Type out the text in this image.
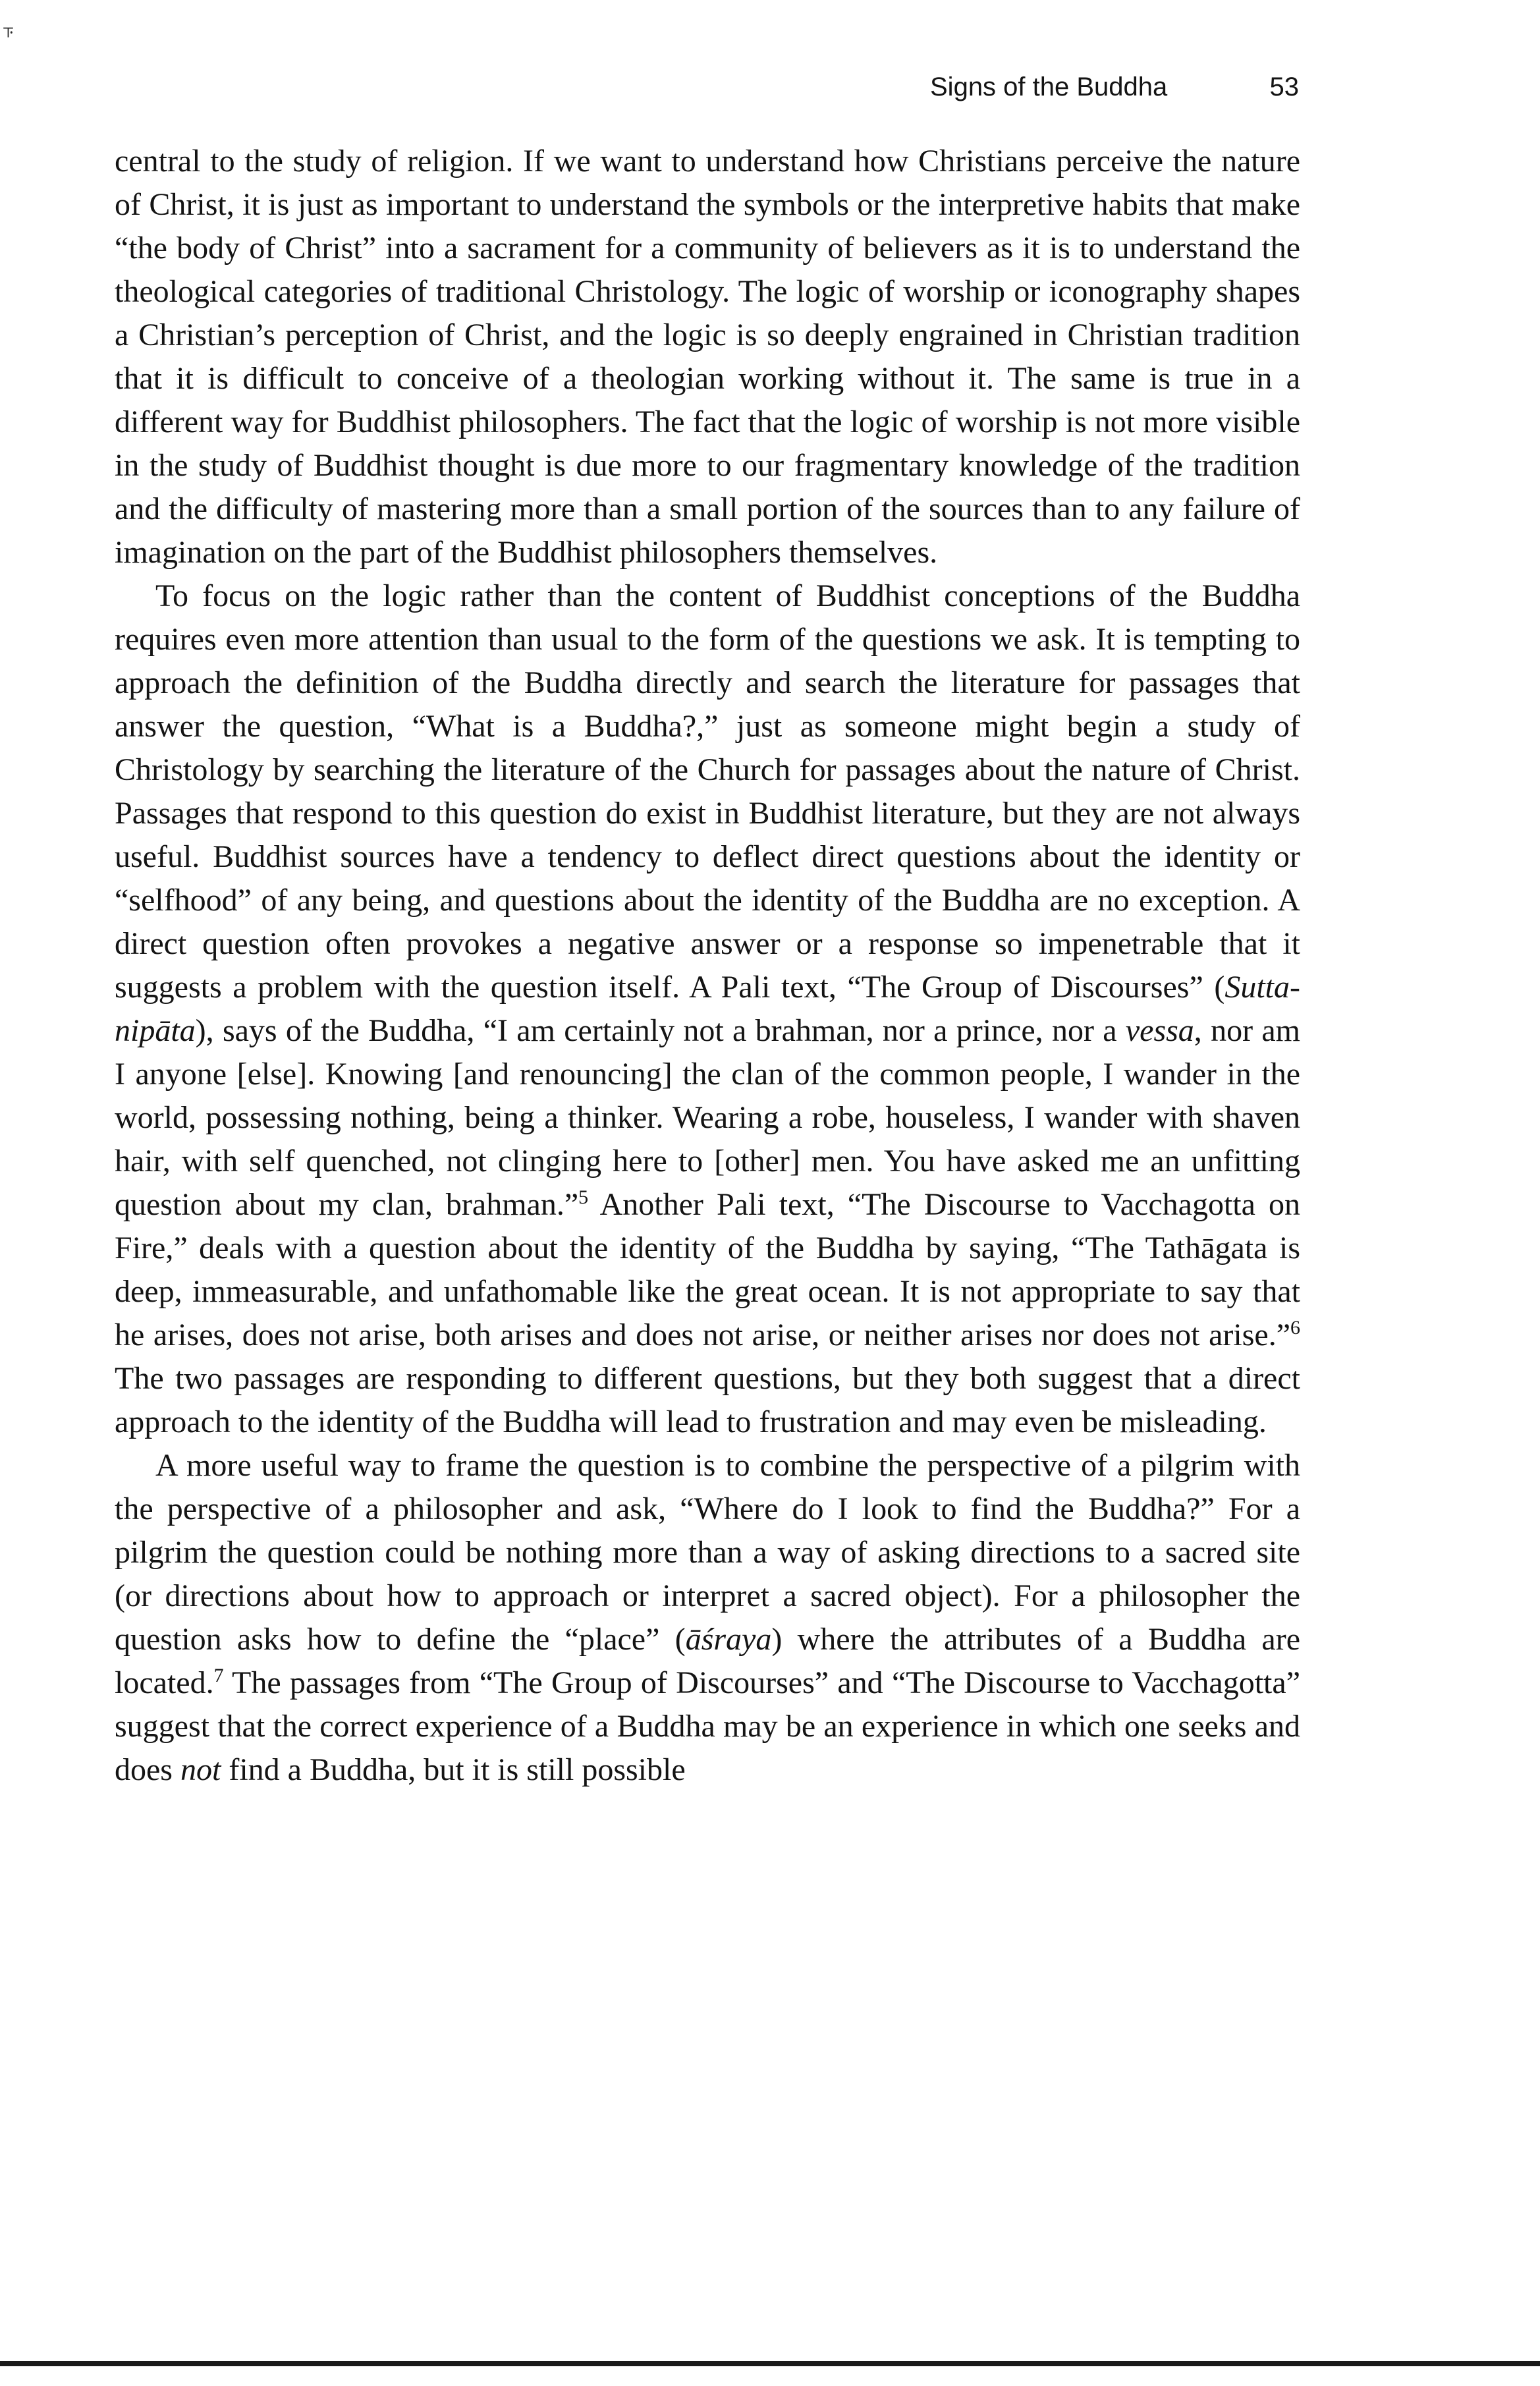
Signs of the Buddha	53

central to the study of religion. If we want to understand how Christians perceive the nature of Christ, it is just as important to understand the symbols or the interpretive habits that make “the body of Christ” into a sacrament for a community of believers as it is to understand the theological categories of traditional Christology. The logic of worship or iconography shapes a Christian’s perception of Christ, and the logic is so deeply engrained in Christian tradition that it is difficult to conceive of a theologian working without it. The same is true in a different way for Buddhist philosophers. The fact that the logic of worship is not more visible in the study of Buddhist thought is due more to our fragmentary knowledge of the tradition and the difficulty of mastering more than a small portion of the sources than to any failure of imagination on the part of the Buddhist philosophers themselves.

To focus on the logic rather than the content of Buddhist conceptions of the Buddha requires even more attention than usual to the form of the questions we ask. It is tempting to approach the definition of the Buddha directly and search the literature for passages that answer the question, “What is a Buddha?,” just as someone might begin a study of Christology by searching the literature of the Church for passages about the nature of Christ. Passages that respond to this question do exist in Buddhist literature, but they are not always useful. Buddhist sources have a tendency to deflect direct questions about the identity or “selfhood” of any being, and questions about the identity of the Buddha are no exception. A direct question often provokes a negative answer or a response so impenetrable that it suggests a problem with the question itself. A Pali text, “The Group of Discourses” (Sutta-nipāta), says of the Buddha, “I am certainly not a brahman, nor a prince, nor a vessa, nor am I anyone [else]. Knowing [and renouncing] the clan of the common people, I wander in the world, possessing nothing, being a thinker. Wearing a robe, houseless, I wander with shaven hair, with self quenched, not clinging here to [other] men. You have asked me an unfitting question about my clan, brahman.”$^5$ Another Pali text, “The Discourse to Vacchagotta on Fire,” deals with a question about the identity of the Buddha by saying, “The Tathāgata is deep, immeasurable, and unfathomable like the great ocean. It is not appropriate to say that he arises, does not arise, both arises and does not arise, or neither arises nor does not arise.”$^6$ The two passages are responding to different questions, but they both suggest that a direct approach to the identity of the Buddha will lead to frustration and may even be misleading.

A more useful way to frame the question is to combine the perspective of a pilgrim with the perspective of a philosopher and ask, “Where do I look to find the Buddha?” For a pilgrim the question could be nothing more than a way of asking directions to a sacred site (or directions about how to approach or interpret a sacred object). For a philosopher the question asks how to define the “place” (āśraya) where the attributes of a Buddha are located.$^7$ The passages from “The Group of Discourses” and “The Discourse to Vacchagotta” suggest that the correct experience of a Buddha may be an experience in which one seeks and does not find a Buddha, but it is still possible

⸇
